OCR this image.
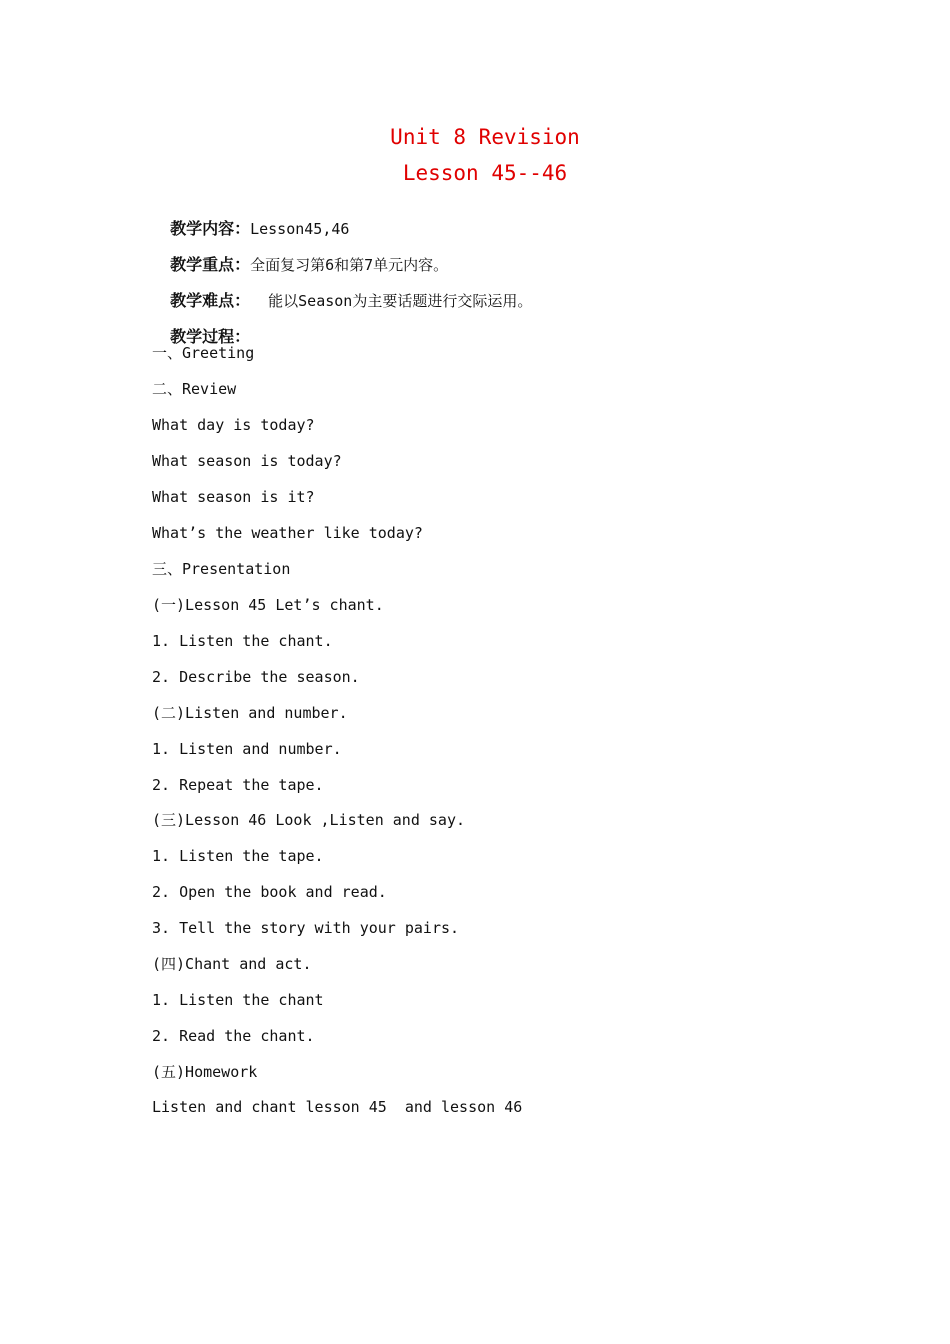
Unit 8 Revision
Lesson 45--46

教学内容：Lesson45,46

教学重点：全面复习第6和第7单元内容。

教学难点：  能以Season为主要话题进行交际运用。

教学过程：

一、Greeting
二、Review
What day is today?
What season is today?
What season is it?
What’s the weather like today?
三、Presentation
(一)Lesson 45 Let’s chant.
1. Listen the chant.
2. Describe the season.
(二)Listen and number.
1. Listen and number.
2. Repeat the tape.
(三)Lesson 46 Look ,Listen and say.
1. Listen the tape.
2. Open the book and read.
3. Tell the story with your pairs.
(四)Chant and act.
1. Listen the chant
2. Read the chant.
(五)Homework
Listen and chant lesson 45  and lesson 46
